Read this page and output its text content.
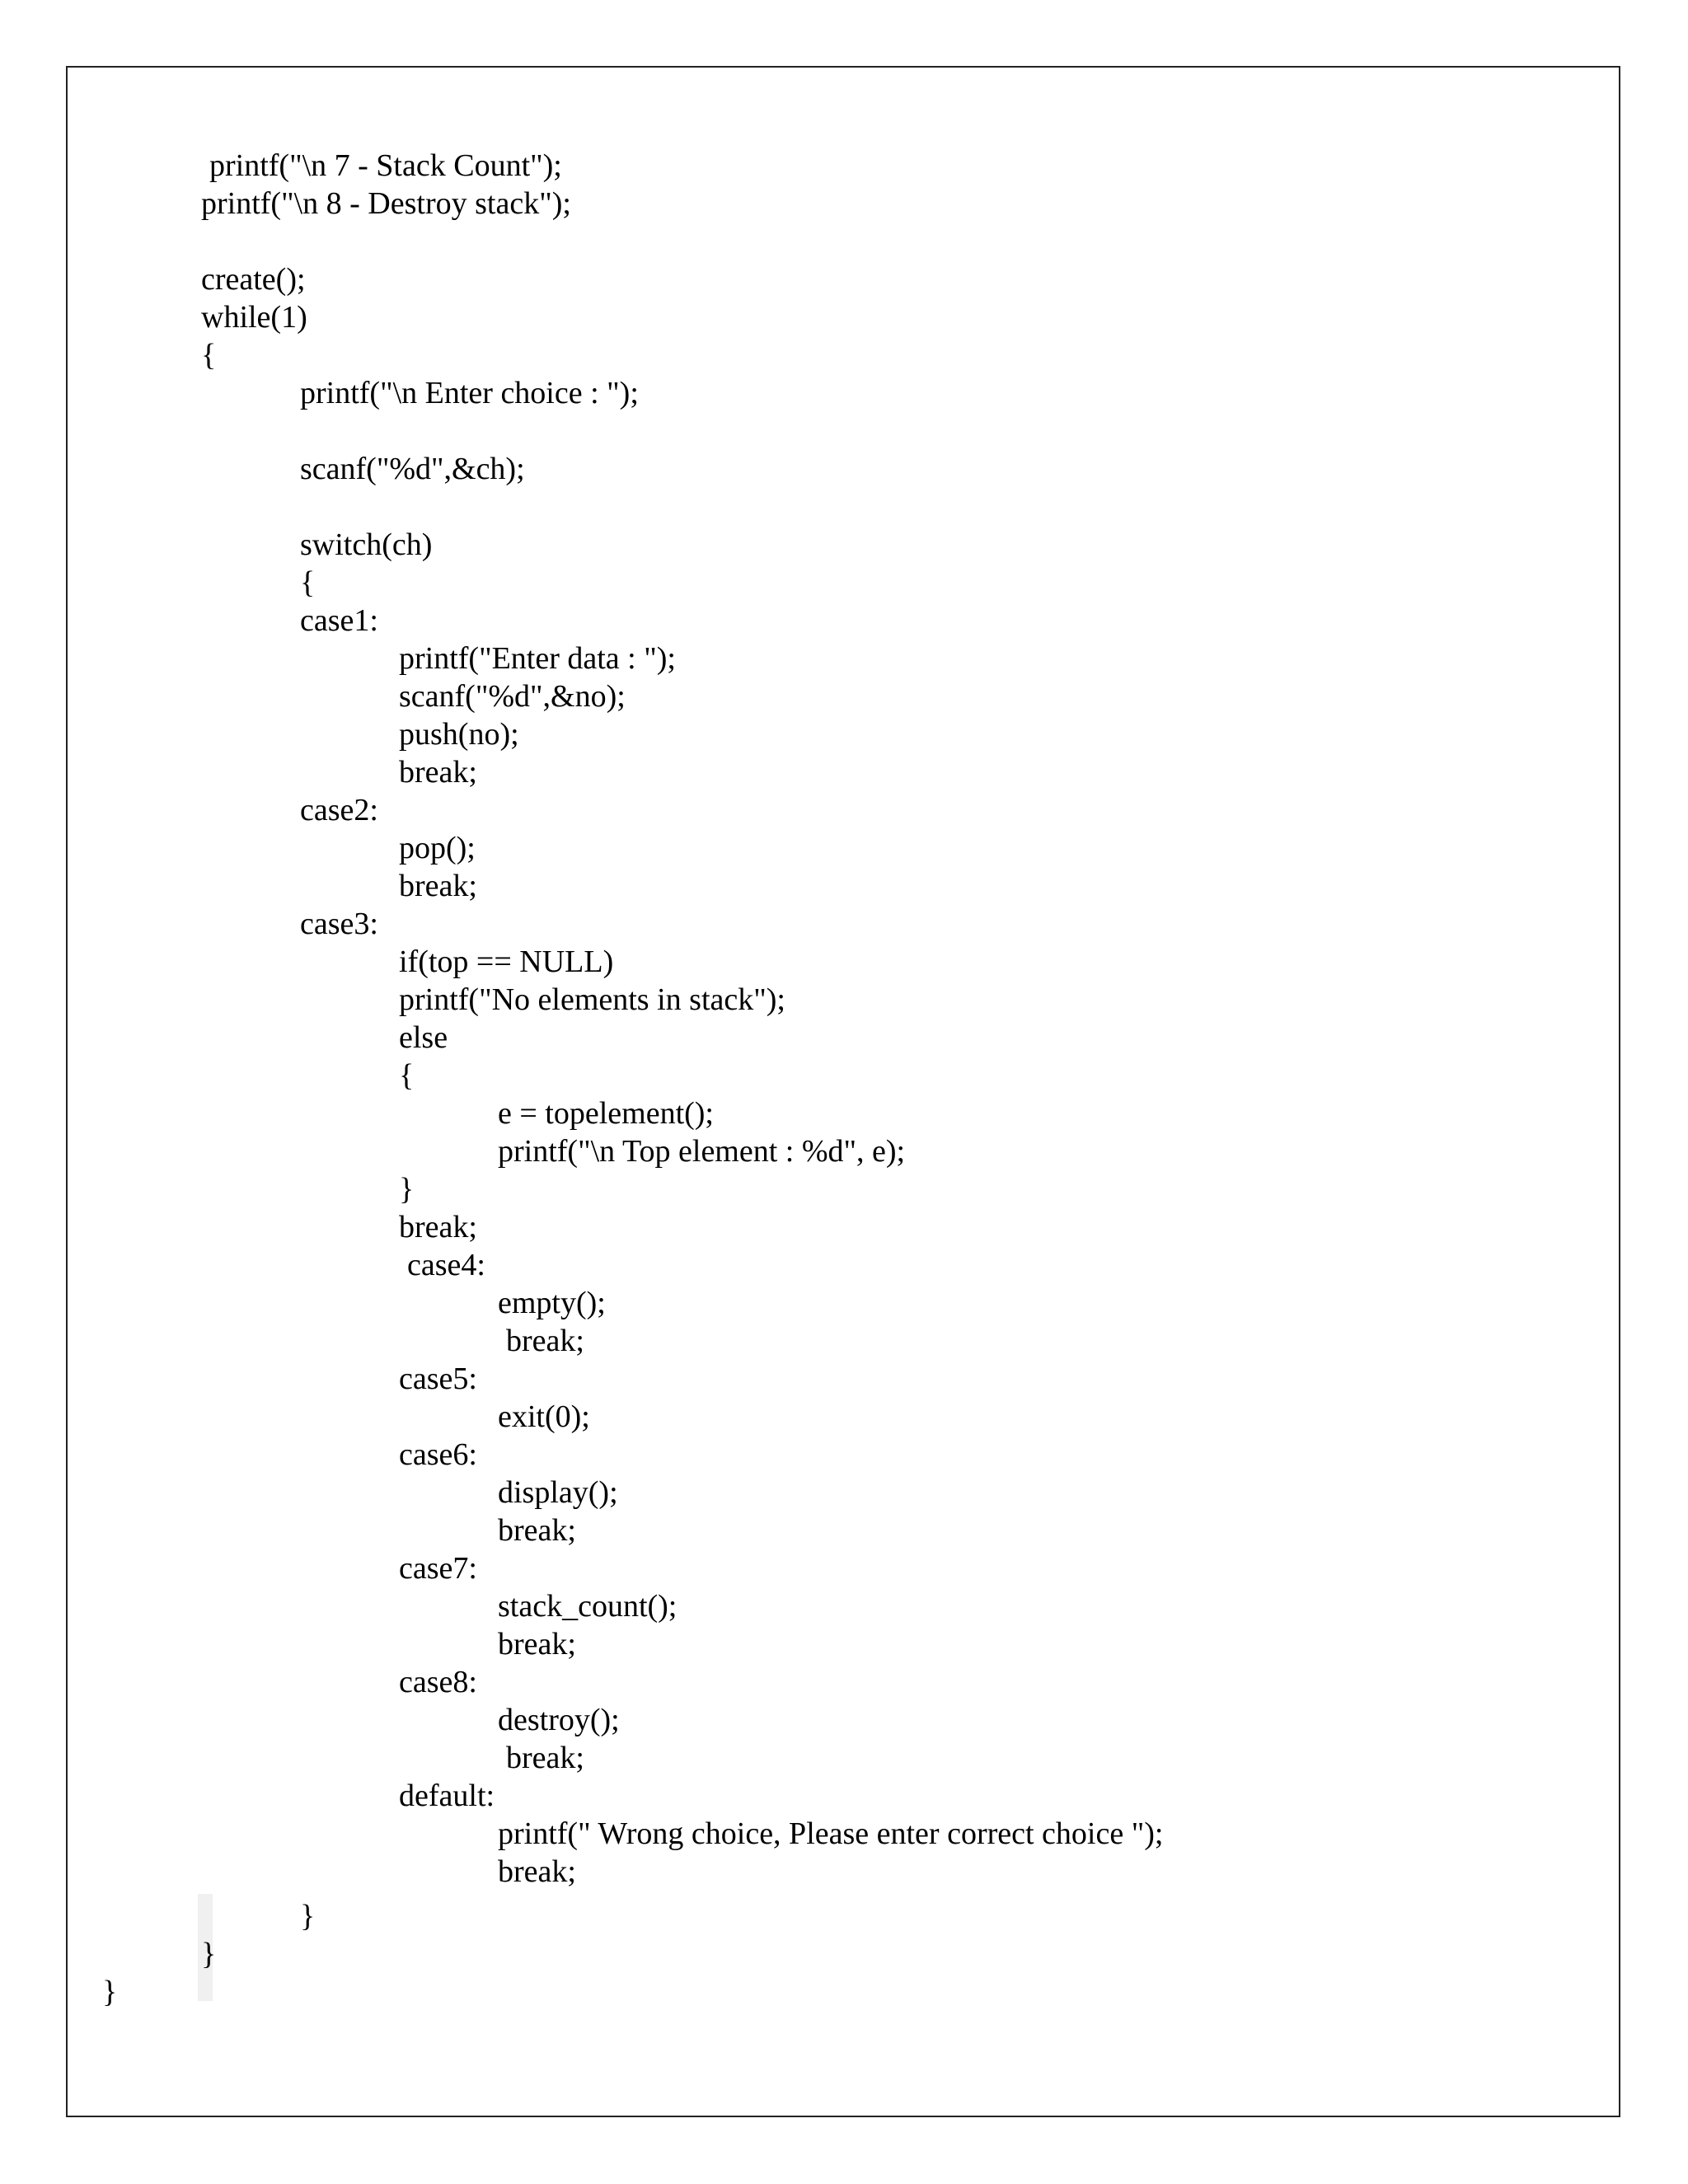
printf("\n 7 - Stack Count");
printf("\n 8 - Destroy stack");
create();
while(1)
{
printf("\n Enter choice : ");
scanf("%d",&ch);
switch(ch)
{
case1:
printf("Enter data : ");
scanf("%d",&no);
push(no);
break;
case2:
pop();
break;
case3:
if(top == NULL)
printf("No elements in stack");
else
{
e = topelement();
printf("\n Top element : %d", e);
}
break;
case4:
empty();
break;
case5:
exit(0);
case6:
display();
break;
case7:
stack_count();
break;
case8:
destroy();
break;
default:
printf(" Wrong choice, Please enter correct choice ");
break;
}
}
}
